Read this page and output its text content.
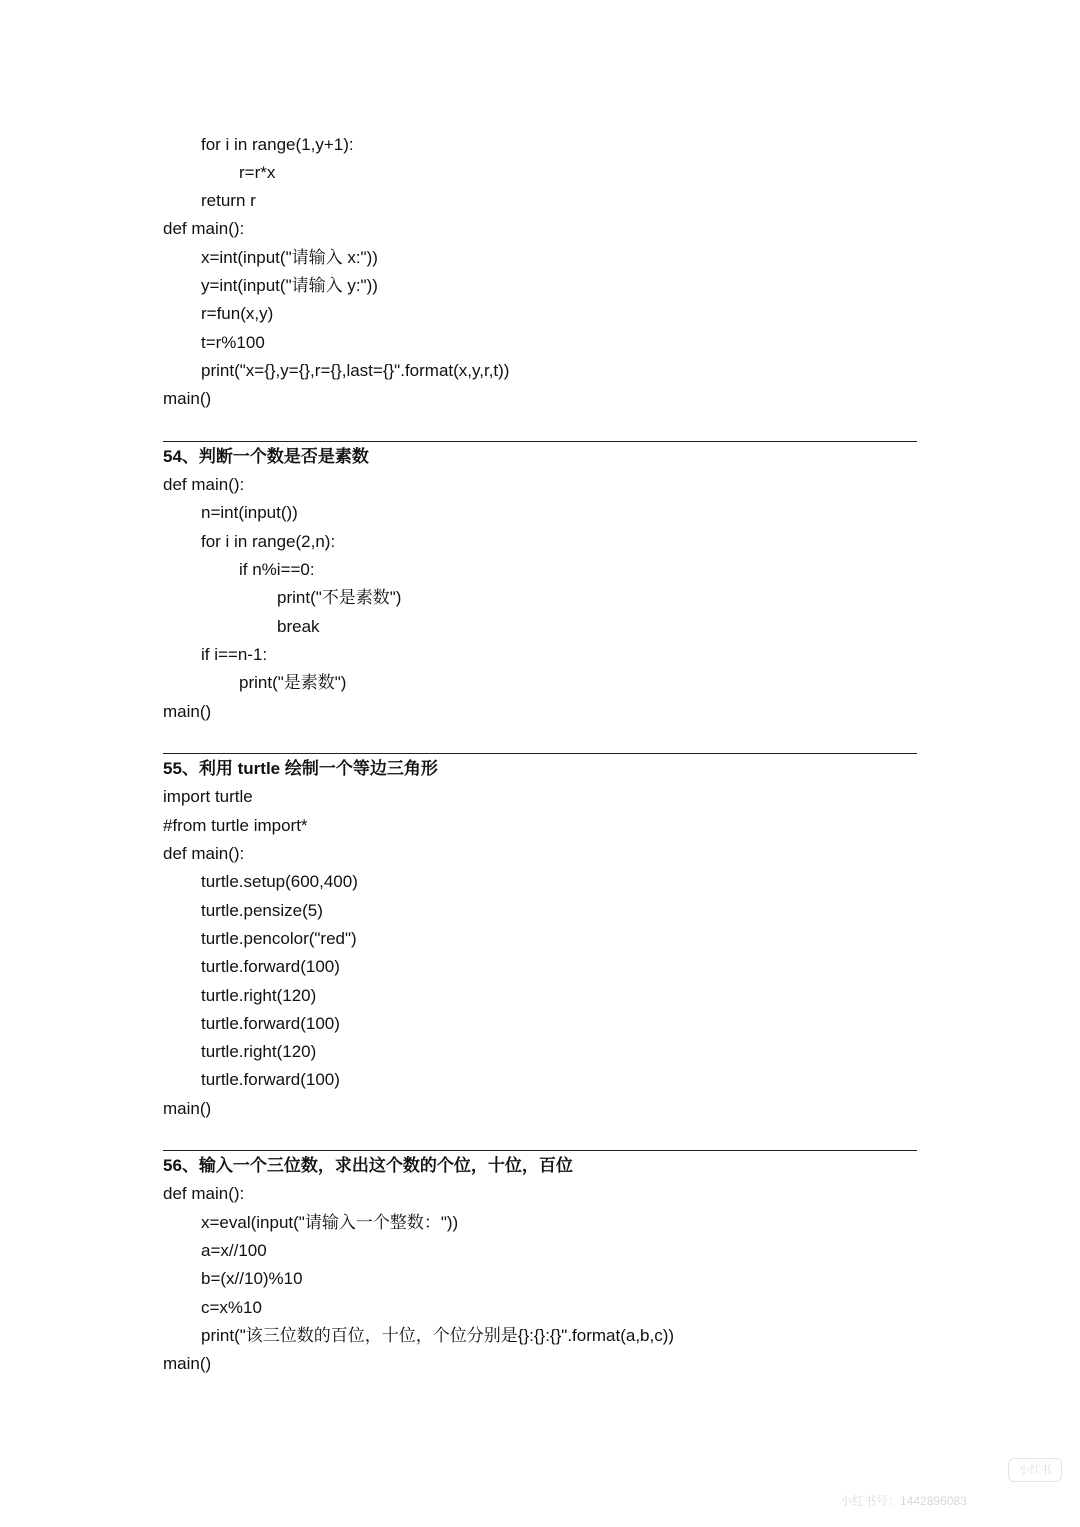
for i in range(1,y+1):
r=r*x
return r
def main():
x=int(input("请输入 x:"))
y=int(input("请输入 y:"))
r=fun(x,y)
t=r%100
print("x={},y={},r={},last={}".format(x,y,r,t))
main()
54、判断一个数是否是素数
def main():
n=int(input())
for i in range(2,n):
if n%i==0:
print("不是素数")
break
if i==n-1:
print("是素数")
main()
55、利用 turtle 绘制一个等边三角形
import turtle
#from turtle import*
def main():
turtle.setup(600,400)
turtle.pensize(5)
turtle.pencolor("red")
turtle.forward(100)
turtle.right(120)
turtle.forward(100)
turtle.right(120)
turtle.forward(100)
main()
56、输入一个三位数，求出这个数的个位，十位，百位
def main():
x=eval(input("请输入一个整数："))
a=x//100
b=(x//10)%10
c=x%10
print("该三位数的百位，十位，个位分别是{}:{}:{}".format(a,b,c))
main()
小红书
小红书号：1442896083
